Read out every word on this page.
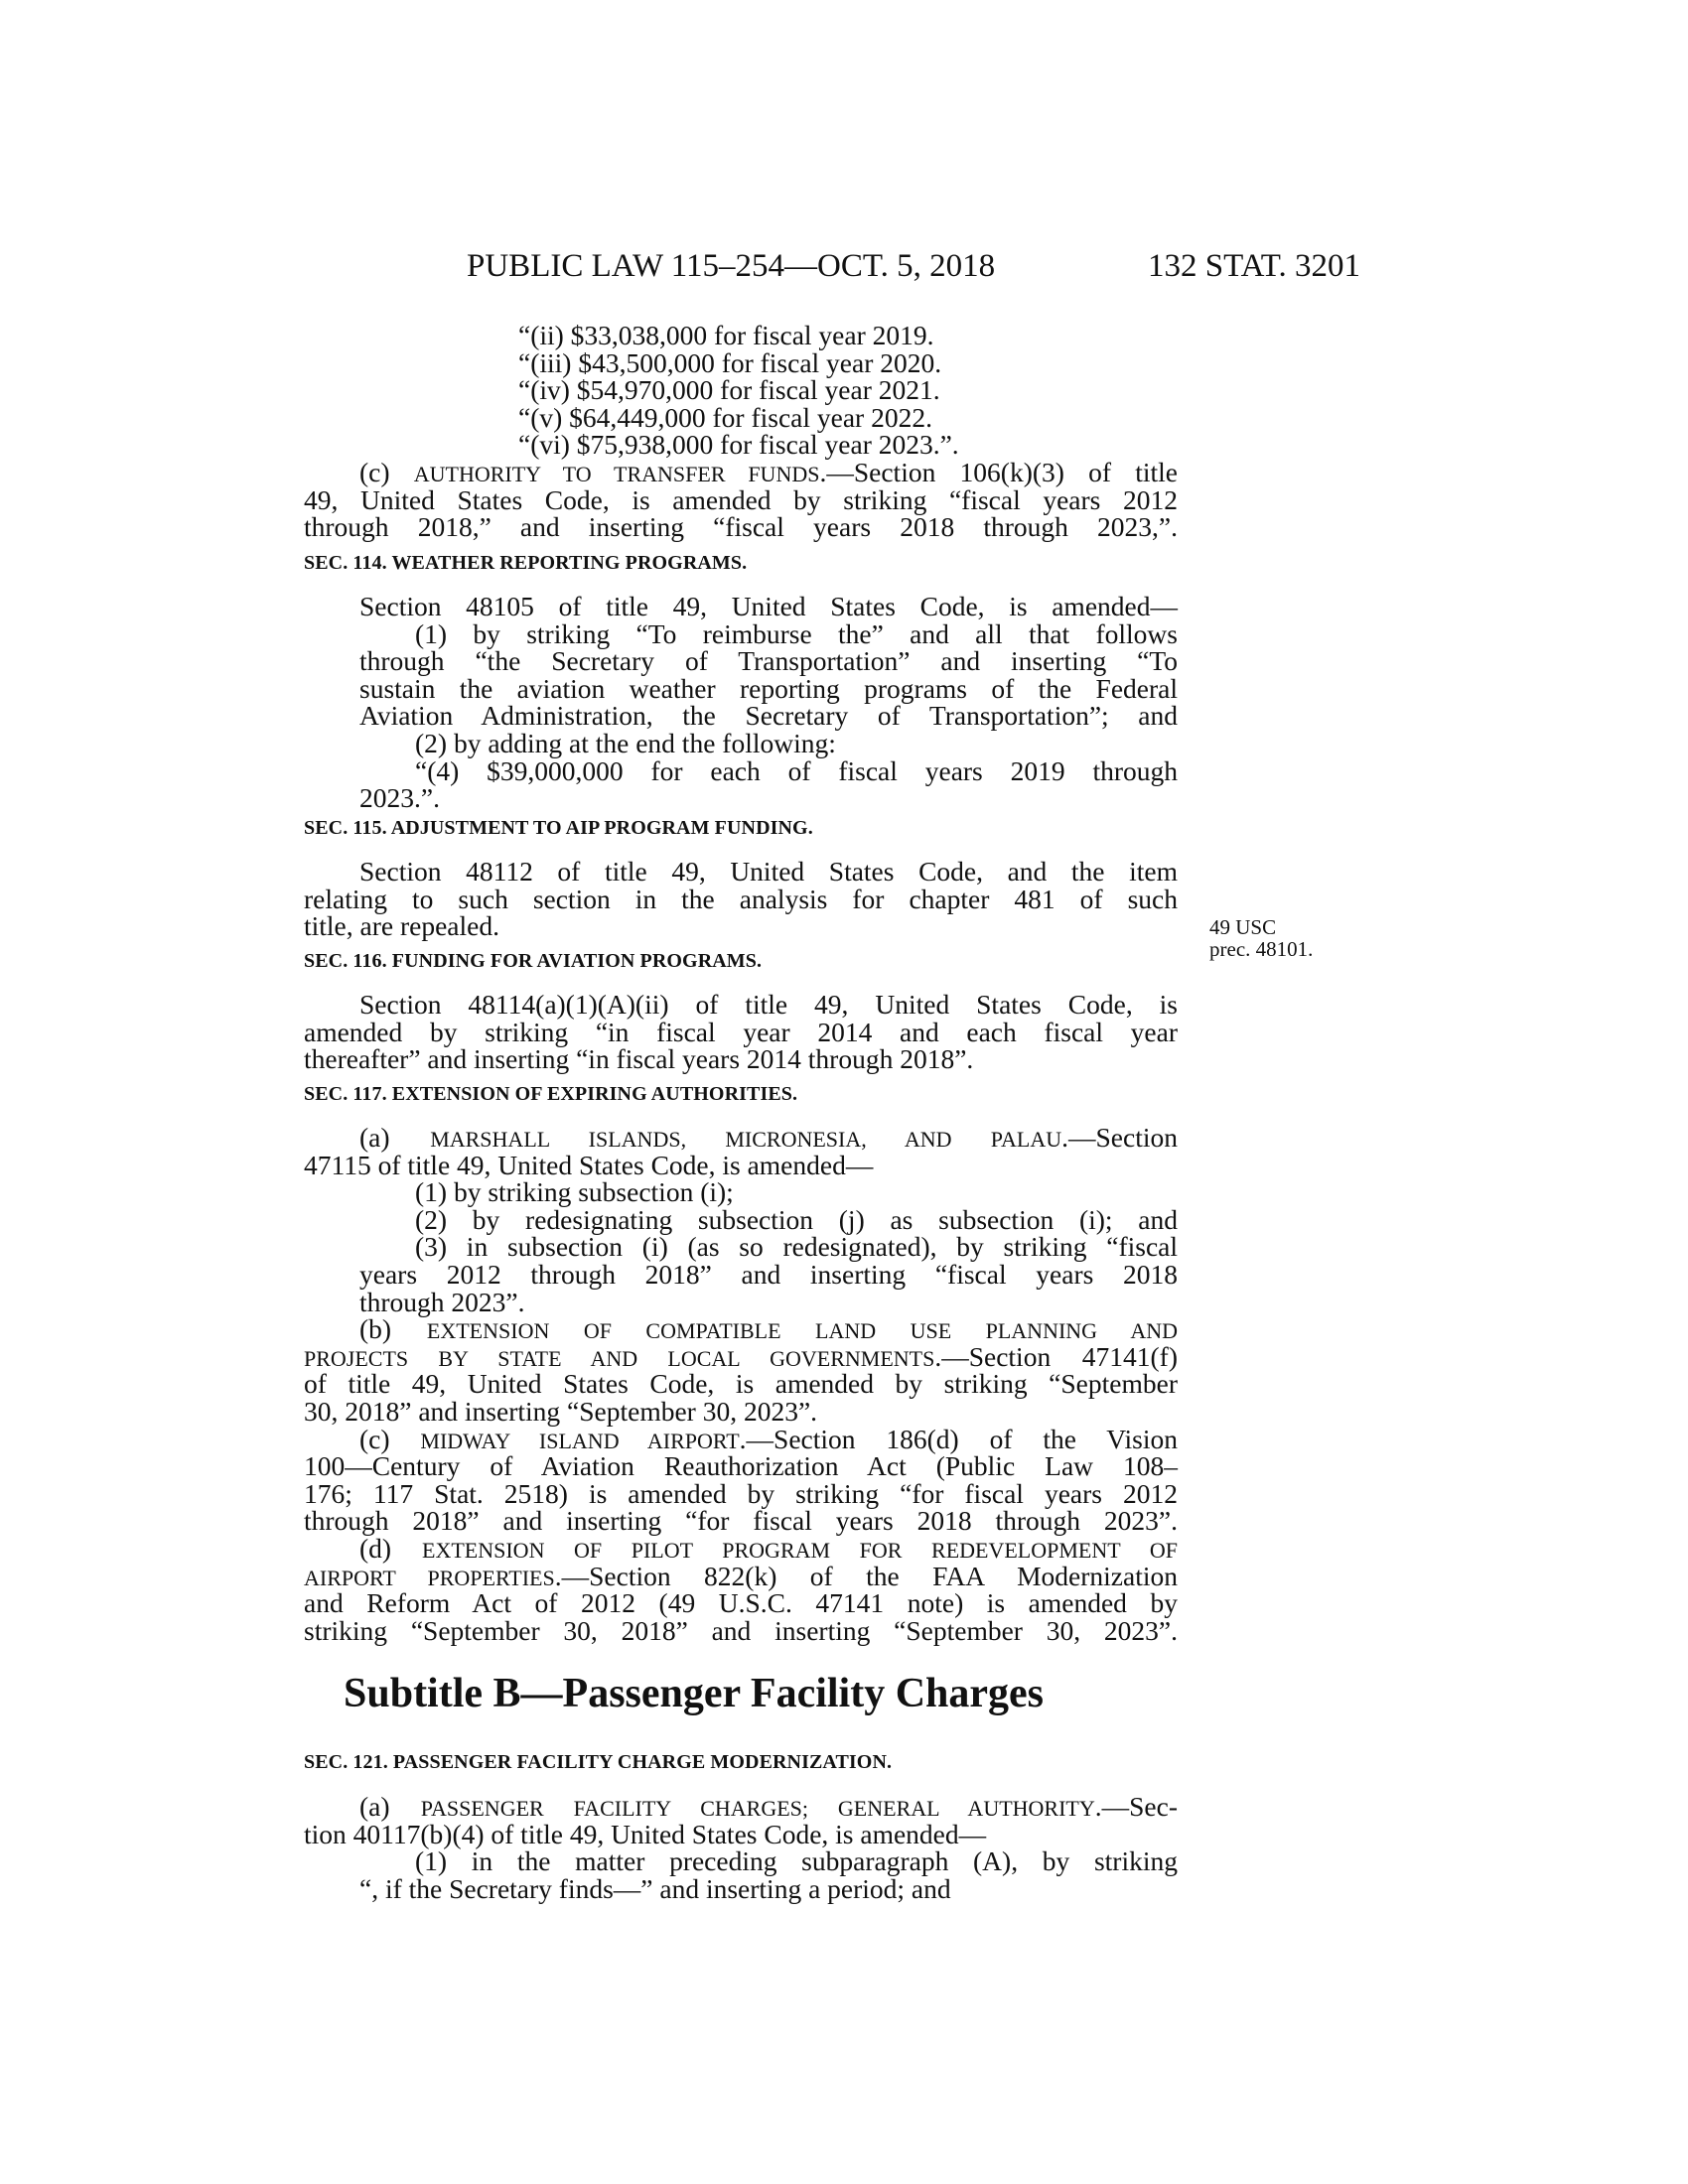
PUBLIC LAW 115–254—OCT. 5, 2018	132 STAT. 3201
“(ii) $33,038,000 for fiscal year 2019.
“(iii) $43,500,000 for fiscal year 2020.
“(iv) $54,970,000 for fiscal year 2021.
“(v) $64,449,000 for fiscal year 2022.
“(vi) $75,938,000 for fiscal year 2023.”.
(c) AUTHORITY TO TRANSFER FUNDS.—Section 106(k)(3) of title
49, United States Code, is amended by striking “fiscal years 2012
through 2018,” and inserting “fiscal years 2018 through 2023,”.
SEC. 114. WEATHER REPORTING PROGRAMS.
Section 48105 of title 49, United States Code, is amended—
(1) by striking “To reimburse the” and all that follows
through “the Secretary of Transportation” and inserting “To
sustain the aviation weather reporting programs of the Federal
Aviation Administration, the Secretary of Transportation”; and
(2) by adding at the end the following:
“(4) $39,000,000 for each of fiscal years 2019 through
2023.”.
SEC. 115. ADJUSTMENT TO AIP PROGRAM FUNDING.
Section 48112 of title 49, United States Code, and the item
relating to such section in the analysis for chapter 481 of such
title, are repealed.	49 USC
prec. 48101.
SEC. 116. FUNDING FOR AVIATION PROGRAMS.
Section 48114(a)(1)(A)(ii) of title 49, United States Code, is
amended by striking “in fiscal year 2014 and each fiscal year
thereafter” and inserting “in fiscal years 2014 through 2018”.
SEC. 117. EXTENSION OF EXPIRING AUTHORITIES.
(a) MARSHALL ISLANDS, MICRONESIA, AND PALAU.—Section
47115 of title 49, United States Code, is amended—
(1) by striking subsection (i);
(2) by redesignating subsection (j) as subsection (i); and
(3) in subsection (i) (as so redesignated), by striking “fiscal
years 2012 through 2018” and inserting “fiscal years 2018
through 2023”.
(b) EXTENSION OF COMPATIBLE LAND USE PLANNING AND
PROJECTS BY STATE AND LOCAL GOVERNMENTS.—Section 47141(f)
of title 49, United States Code, is amended by striking “September
30, 2018” and inserting “September 30, 2023”.
(c) MIDWAY ISLAND AIRPORT.—Section 186(d) of the Vision
100—Century of Aviation Reauthorization Act (Public Law 108–
176; 117 Stat. 2518) is amended by striking “for fiscal years 2012
through 2018” and inserting “for fiscal years 2018 through 2023”.
(d) EXTENSION OF PILOT PROGRAM FOR REDEVELOPMENT OF
AIRPORT PROPERTIES.—Section 822(k) of the FAA Modernization
and Reform Act of 2012 (49 U.S.C. 47141 note) is amended by
striking “September 30, 2018” and inserting “September 30, 2023”.
Subtitle B—Passenger Facility Charges
SEC. 121. PASSENGER FACILITY CHARGE MODERNIZATION.
(a) PASSENGER FACILITY CHARGES; GENERAL AUTHORITY.—Sec-
tion 40117(b)(4) of title 49, United States Code, is amended—
(1) in the matter preceding subparagraph (A), by striking
“, if the Secretary finds—” and inserting a period; and
